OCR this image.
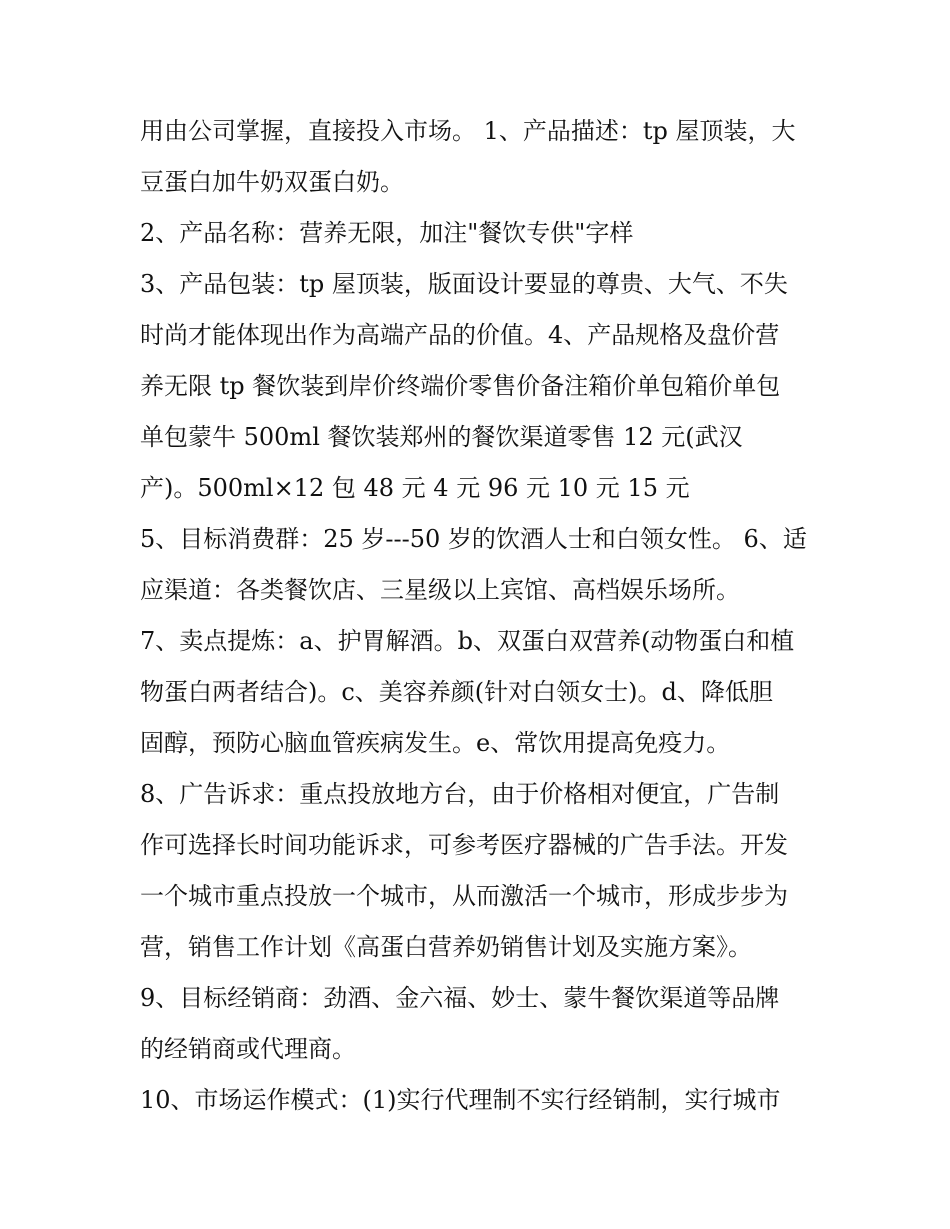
用由公司掌握，直接投入市场。 1、产品描述：tp 屋顶装，大
豆蛋白加牛奶双蛋白奶。
2、产品名称：营养无限，加注"餐饮专供"字样
3、产品包装：tp 屋顶装，版面设计要显的尊贵、大气、不失
时尚才能体现出作为高端产品的价值。4、产品规格及盘价营
养无限 tp 餐饮装到岸价终端价零售价备注箱价单包箱价单包
单包蒙牛 500ml 餐饮装郑州的餐饮渠道零售 12 元(武汉
产)。500ml×12 包 48 元 4 元 96 元 10 元 15 元
5、目标消费群：25 岁---50 岁的饮酒人士和白领女性。 6、适
应渠道：各类餐饮店、三星级以上宾馆、高档娱乐场所。
7、卖点提炼：a、护胃解酒。b、双蛋白双营养(动物蛋白和植
物蛋白两者结合)。c、美容养颜(针对白领女士)。d、降低胆
固醇，预防心脑血管疾病发生。e、常饮用提高免疫力。
8、广告诉求：重点投放地方台，由于价格相对便宜，广告制
作可选择长时间功能诉求，可参考医疗器械的广告手法。开发
一个城市重点投放一个城市，从而激活一个城市，形成步步为
营，销售工作计划《高蛋白营养奶销售计划及实施方案》。
9、目标经销商：劲酒、金六福、妙士、蒙牛餐饮渠道等品牌
的经销商或代理商。
10、市场运作模式：(1)实行代理制不实行经销制，实行城市
